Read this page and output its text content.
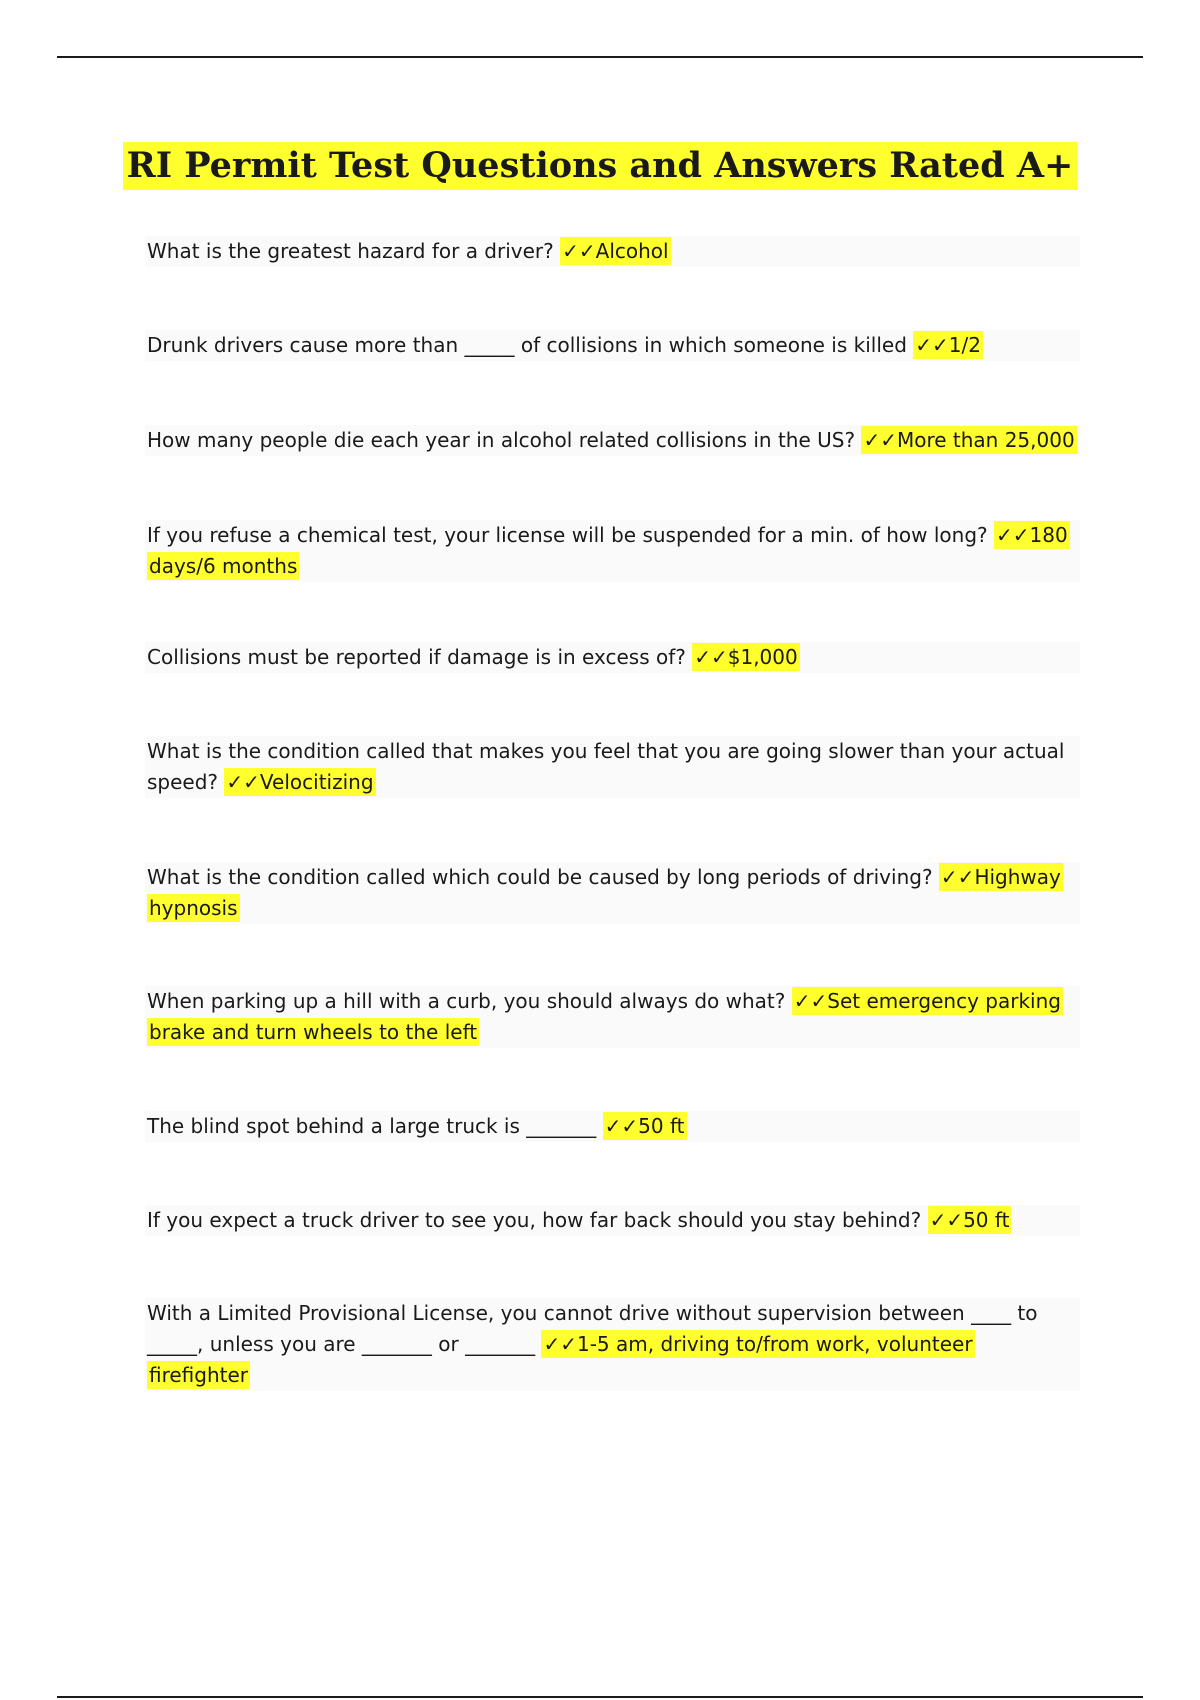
RI Permit Test Questions and Answers Rated A+
What is the greatest hazard for a driver? ✓✓Alcohol
Drunk drivers cause more than _____ of collisions in which someone is killed ✓✓1/2
How many people die each year in alcohol related collisions in the US? ✓✓More than 25,000
If you refuse a chemical test, your license will be suspended for a min. of how long? ✓✓180 days/6 months
Collisions must be reported if damage is in excess of? ✓✓$1,000
What is the condition called that makes you feel that you are going slower than your actual speed? ✓✓Velocitizing
What is the condition called which could be caused by long periods of driving? ✓✓Highway hypnosis
When parking up a hill with a curb, you should always do what? ✓✓Set emergency parking brake and turn wheels to the left
The blind spot behind a large truck is _______ ✓✓50 ft
If you expect a truck driver to see you, how far back should you stay behind? ✓✓50 ft
With a Limited Provisional License, you cannot drive without supervision between ____ to _____, unless you are _______ or _______ ✓✓1-5 am, driving to/from work, volunteer firefighter
